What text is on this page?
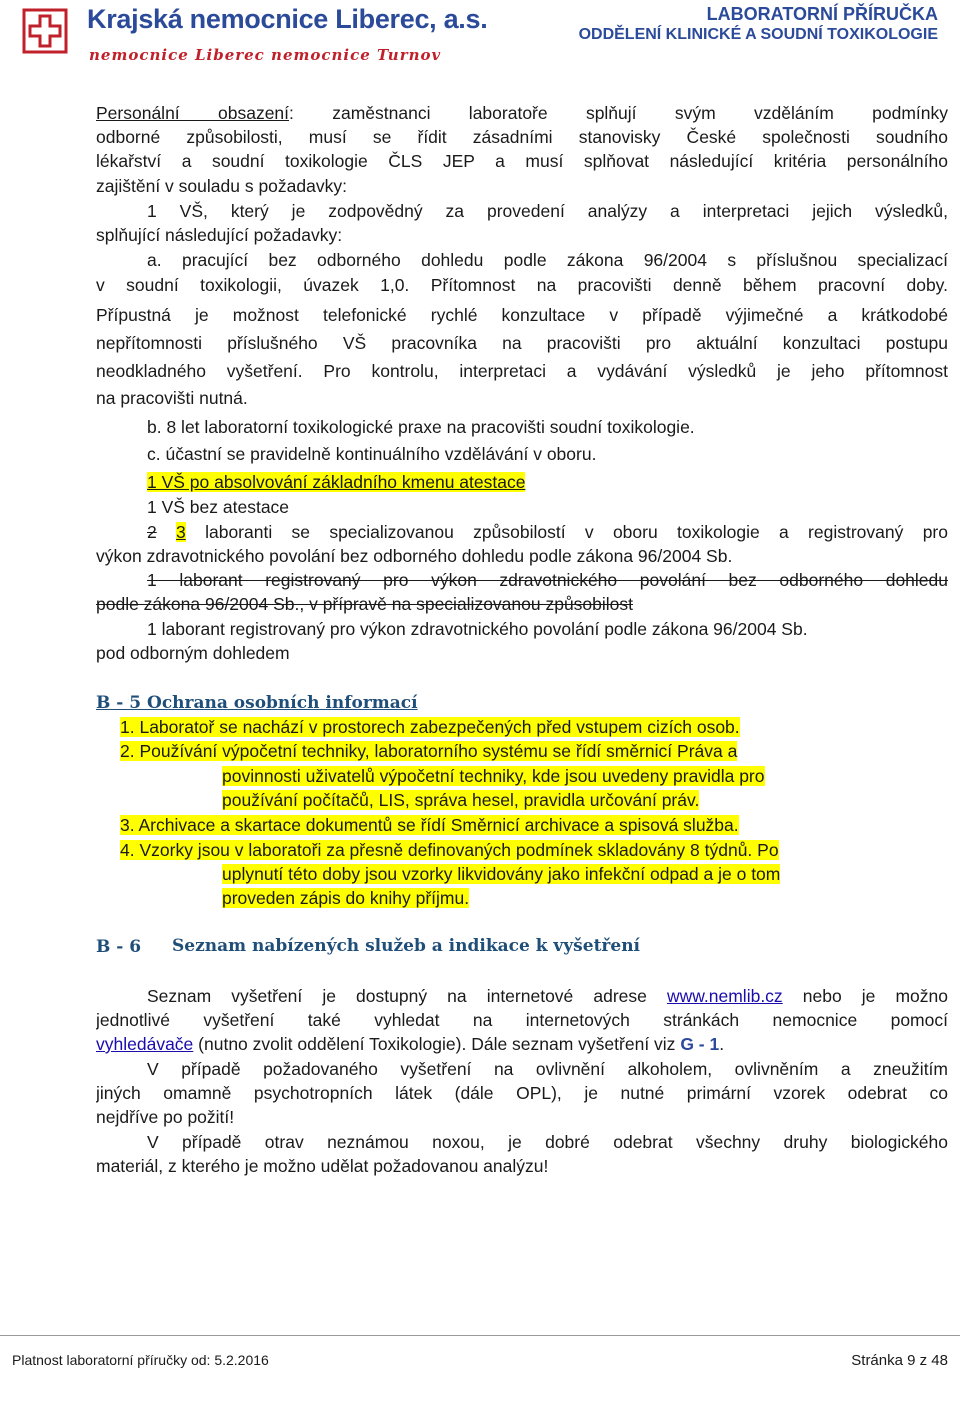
Krajská nemocnice Liberec, a.s.
nemocnice Liberec nemocnice Turnov
LABORATORNÍ PŘÍRUČKA
ODDĚLENÍ KLINICKÉ A SOUDNÍ TOXIKOLOGIE
Personální obsazení: zaměstnanci laboratoře splňují svým vzděláním podmínky
odborné způsobilosti, musí se řídit zásadními stanovisky České společnosti soudního
lékařství a soudní toxikologie ČLS JEP a musí splňovat následující kritéria personálního
zajištění v souladu s požadavky:
1 VŠ, který je zodpovědný za provedení analýzy a interpretaci jejich výsledků,
splňující následující požadavky:
a. pracující bez odborného dohledu podle zákona 96/2004 s příslušnou specializací
v soudní toxikologii, úvazek 1,0. Přítomnost na pracovišti denně během pracovní doby.
Přípustná je možnost telefonické rychlé konzultace v případě výjimečné a krátkodobé
nepřítomnosti příslušného VŠ pracovníka na pracovišti pro aktuální konzultaci postupu
neodkladného vyšetření. Pro kontrolu, interpretaci a vydávání výsledků je jeho přítomnost
na pracovišti nutná.
b. 8 let laboratorní toxikologické praxe na pracovišti soudní toxikologie.
c. účastní se pravidelně kontinuálního vzdělávání v oboru.
1 VŠ po absolvování základního kmenu atestace
1 VŠ bez atestace
2 3 laboranti se specializovanou způsobilostí v oboru toxikologie a registrovaný pro
výkon zdravotnického povolání bez odborného dohledu podle zákona 96/2004 Sb.
1 laborant registrovaný pro výkon zdravotnického povolání bez odborného dohledu
podle zákona 96/2004 Sb., v přípravě na specializovanou způsobilost
1 laborant registrovaný pro výkon zdravotnického povolání podle zákona 96/2004 Sb.
pod odborným dohledem
B - 5 Ochrana osobních informací
1. Laboratoř se nachází v prostorech zabezpečených před vstupem cizích osob.
2. Používání výpočetní techniky, laboratorního systému se řídí směrnicí Práva a
povinnosti uživatelů výpočetní techniky, kde jsou uvedeny pravidla pro
používání počítačů, LIS, správa hesel, pravidla určování práv.
3. Archivace a skartace dokumentů se řídí Směrnicí archivace a spisová služba.
4. Vzorky jsou v laboratoři za přesně definovaných podmínek skladovány 8 týdnů. Po
uplynutí této doby jsou vzorky likvidovány jako infekční odpad a je o tom
proveden zápis do knihy příjmu.
B - 6 Seznam nabízených služeb a indikace k vyšetření
Seznam vyšetření je dostupný na internetové adrese www.nemlib.cz nebo je možno
jednotlivé vyšetření také vyhledat na internetových stránkách nemocnice pomocí
vyhledávače (nutno zvolit oddělení Toxikologie). Dále seznam vyšetření viz G - 1.
V případě požadovaného vyšetření na ovlivnění alkoholem, ovlivněním a zneužitím
jiných omamně psychotropních látek (dále OPL), je nutné primární vzorek odebrat co
nejdříve po požití!
V případě otrav neznámou noxou, je dobré odebrat všechny druhy biologického
materiál, z kterého je možno udělat požadovanou analýzu!
Platnost laboratorní příručky od: 5.2.2016	Stránka 9 z 48
